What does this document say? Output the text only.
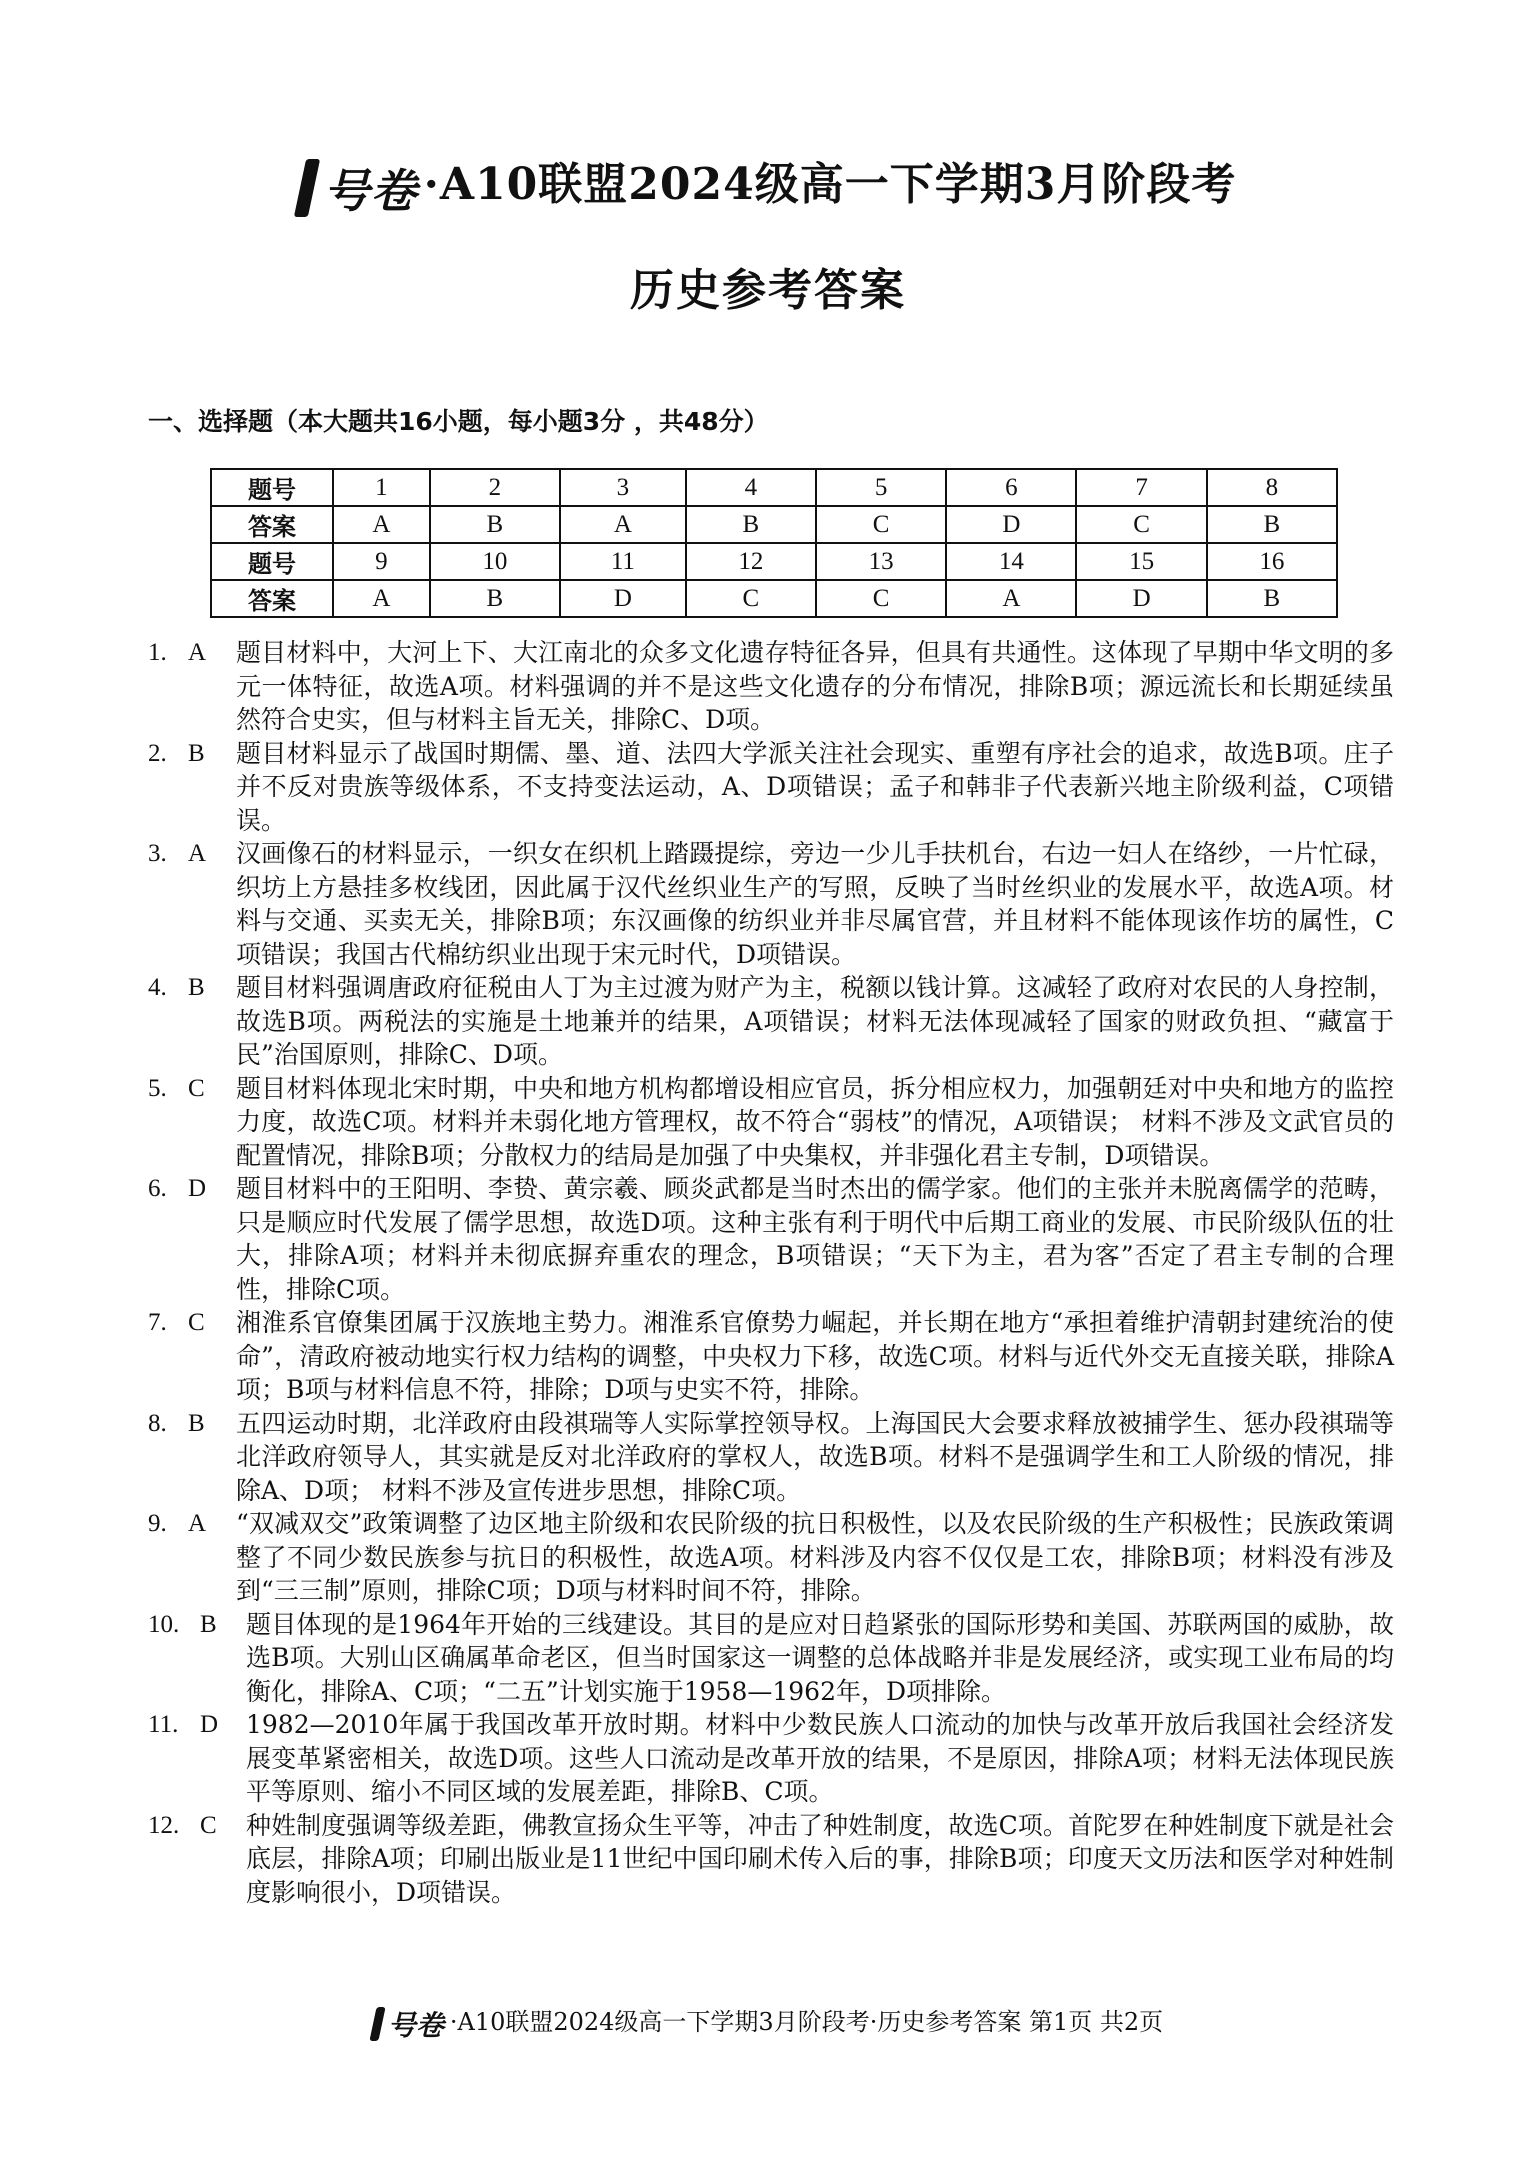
号卷 ·A10联盟2024级高一下学期3月阶段考
历史参考答案
一、选择题（本大题共16小题，每小题3分 ，共48分）
题号	1	2	3	4	5	6	7	8
答案	A	B	A	B	C	D	C	B
题号	9	10	11	12	13	14	15	16
答案	A	B	D	C	C	A	D	B
1. A	题目材料中，大河上下、大江南北的众多文化遗存特征各异，但具有共通性。这体现了早期中华文明的多元一体特征，故选A项。材料强调的并不是这些文化遗存的分布情况，排除B项；源远流长和长期延续虽然符合史实，但与材料主旨无关，排除C、D项。
2. B	题目材料显示了战国时期儒、墨、道、法四大学派关注社会现实、重塑有序社会的追求，故选B项。庄子并不反对贵族等级体系，不支持变法运动，A、D项错误；孟子和韩非子代表新兴地主阶级利益，C项错误。
3. A	汉画像石的材料显示，一织女在织机上踏蹑提综，旁边一少儿手扶机台，右边一妇人在络纱，一片忙碌，织坊上方悬挂多枚线团，因此属于汉代丝织业生产的写照，反映了当时丝织业的发展水平，故选A项。材料与交通、买卖无关，排除B项；东汉画像的纺织业并非尽属官营，并且材料不能体现该作坊的属性，C项错误；我国古代棉纺织业出现于宋元时代，D项错误。
4. B	题目材料强调唐政府征税由人丁为主过渡为财产为主，税额以钱计算。这减轻了政府对农民的人身控制，故选B项。两税法的实施是土地兼并的结果，A项错误；材料无法体现减轻了国家的财政负担、“藏富于民”治国原则，排除C、D项。
5. C	题目材料体现北宋时期，中央和地方机构都增设相应官员，拆分相应权力，加强朝廷对中央和地方的监控力度，故选C项。材料并未弱化地方管理权，故不符合“弱枝”的情况，A项错误； 材料不涉及文武官员的配置情况，排除B项；分散权力的结局是加强了中央集权，并非强化君主专制，D项错误。
6. D	题目材料中的王阳明、李贽、黄宗羲、顾炎武都是当时杰出的儒学家。他们的主张并未脱离儒学的范畴，只是顺应时代发展了儒学思想，故选D项。这种主张有利于明代中后期工商业的发展、市民阶级队伍的壮大，排除A项；材料并未彻底摒弃重农的理念，B项错误；“天下为主，君为客”否定了君主专制的合理性，排除C项。
7. C	湘淮系官僚集团属于汉族地主势力。湘淮系官僚势力崛起，并长期在地方“承担着维护清朝封建统治的使命”，清政府被动地实行权力结构的调整，中央权力下移，故选C项。材料与近代外交无直接关联，排除A项；B项与材料信息不符，排除；D项与史实不符，排除。
8. B	五四运动时期，北洋政府由段祺瑞等人实际掌控领导权。上海国民大会要求释放被捕学生、惩办段祺瑞等北洋政府领导人，其实就是反对北洋政府的掌权人，故选B项。材料不是强调学生和工人阶级的情况，排除A、D项； 材料不涉及宣传进步思想，排除C项。
9. A	“双减双交”政策调整了边区地主阶级和农民阶级的抗日积极性，以及农民阶级的生产积极性；民族政策调整了不同少数民族参与抗日的积极性，故选A项。材料涉及内容不仅仅是工农，排除B项；材料没有涉及到“三三制”原则，排除C项；D项与材料时间不符，排除。
10. B	题目体现的是1964年开始的三线建设。其目的是应对日趋紧张的国际形势和美国、苏联两国的威胁，故选B项。大别山区确属革命老区，但当时国家这一调整的总体战略并非是发展经济，或实现工业布局的均衡化，排除A、C项；“二五”计划实施于1958—1962年，D项排除。
11. D	1982—2010年属于我国改革开放时期。材料中少数民族人口流动的加快与改革开放后我国社会经济发展变革紧密相关，故选D项。这些人口流动是改革开放的结果，不是原因，排除A项；材料无法体现民族平等原则、缩小不同区域的发展差距，排除B、C项。
12. C	种姓制度强调等级差距，佛教宣扬众生平等，冲击了种姓制度，故选C项。首陀罗在种姓制度下就是社会底层，排除A项；印刷出版业是11世纪中国印刷术传入后的事，排除B项；印度天文历法和医学对种姓制度影响很小，D项错误。
号卷 ·A10联盟2024级高一下学期3月阶段考·历史参考答案 第1页 共2页
